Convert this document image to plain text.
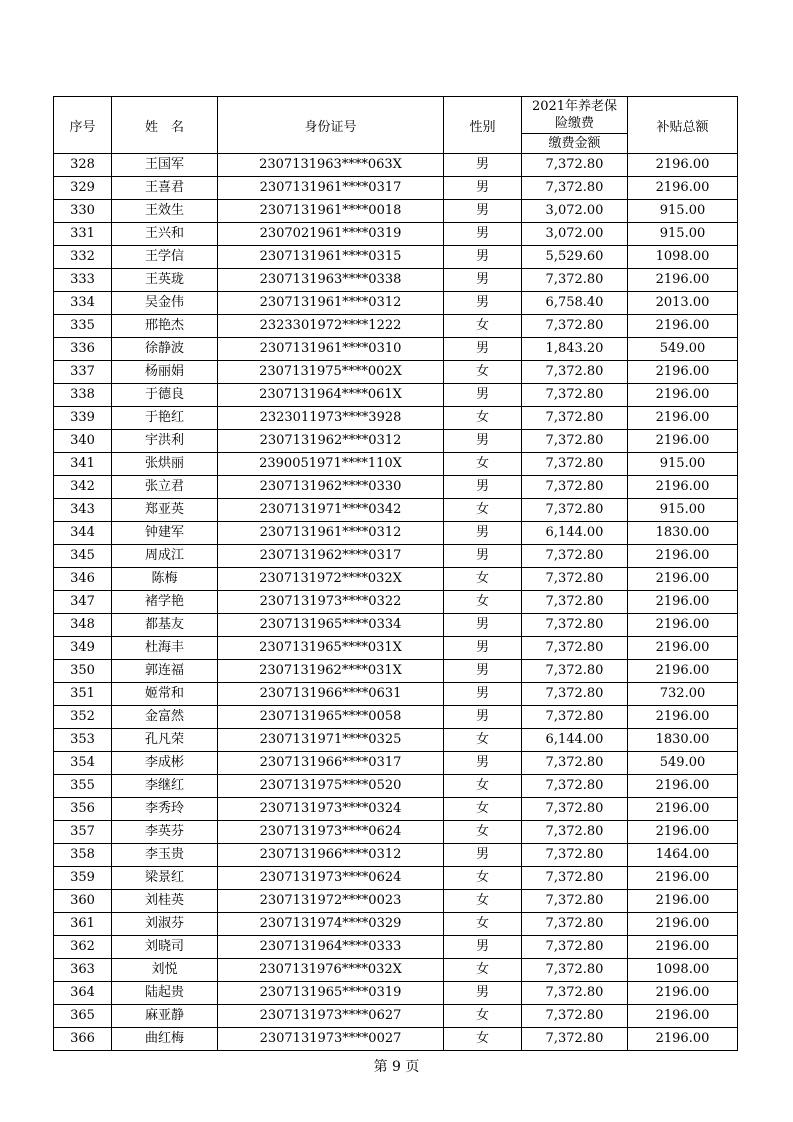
序号	姓　名	身份证号	性别	2021年养老保险缴费	补贴总额
				缴费金额	
328	王国军	2307131963****063X	男	7,372.80	2196.00
329	王喜君	2307131961****0317	男	7,372.80	2196.00
330	王效生	2307131961****0018	男	3,072.00	915.00
331	王兴和	2307021961****0319	男	3,072.00	915.00
332	王学信	2307131961****0315	男	5,529.60	1098.00
333	王英珑	2307131963****0338	男	7,372.80	2196.00
334	吴金伟	2307131961****0312	男	6,758.40	2013.00
335	邢艳杰	2323301972****1222	女	7,372.80	2196.00
336	徐静波	2307131961****0310	男	1,843.20	549.00
337	杨丽娟	2307131975****002X	女	7,372.80	2196.00
338	于德良	2307131964****061X	男	7,372.80	2196.00
339	于艳红	2323011973****3928	女	7,372.80	2196.00
340	宇洪利	2307131962****0312	男	7,372.80	2196.00
341	张烘丽	2390051971****110X	女	7,372.80	915.00
342	张立君	2307131962****0330	男	7,372.80	2196.00
343	郑亚英	2307131971****0342	女	7,372.80	915.00
344	钟建军	2307131961****0312	男	6,144.00	1830.00
345	周成江	2307131962****0317	男	7,372.80	2196.00
346	陈梅	2307131972****032X	女	7,372.80	2196.00
347	褚学艳	2307131973****0322	女	7,372.80	2196.00
348	都基友	2307131965****0334	男	7,372.80	2196.00
349	杜海丰	2307131965****031X	男	7,372.80	2196.00
350	郭连福	2307131962****031X	男	7,372.80	2196.00
351	姬常和	2307131966****0631	男	7,372.80	732.00
352	金富然	2307131965****0058	男	7,372.80	2196.00
353	孔凡荣	2307131971****0325	女	6,144.00	1830.00
354	李成彬	2307131966****0317	男	7,372.80	549.00
355	李继红	2307131975****0520	女	7,372.80	2196.00
356	李秀玲	2307131973****0324	女	7,372.80	2196.00
357	李英芬	2307131973****0624	女	7,372.80	2196.00
358	李玉贵	2307131966****0312	男	7,372.80	1464.00
359	梁景红	2307131973****0624	女	7,372.80	2196.00
360	刘桂英	2307131972****0023	女	7,372.80	2196.00
361	刘淑芬	2307131974****0329	女	7,372.80	2196.00
362	刘晓司	2307131964****0333	男	7,372.80	2196.00
363	刘悦	2307131976****032X	女	7,372.80	1098.00
364	陆起贵	2307131965****0319	男	7,372.80	2196.00
365	麻亚静	2307131973****0627	女	7,372.80	2196.00
366	曲红梅	2307131973****0027	女	7,372.80	2196.00
第 9 页
